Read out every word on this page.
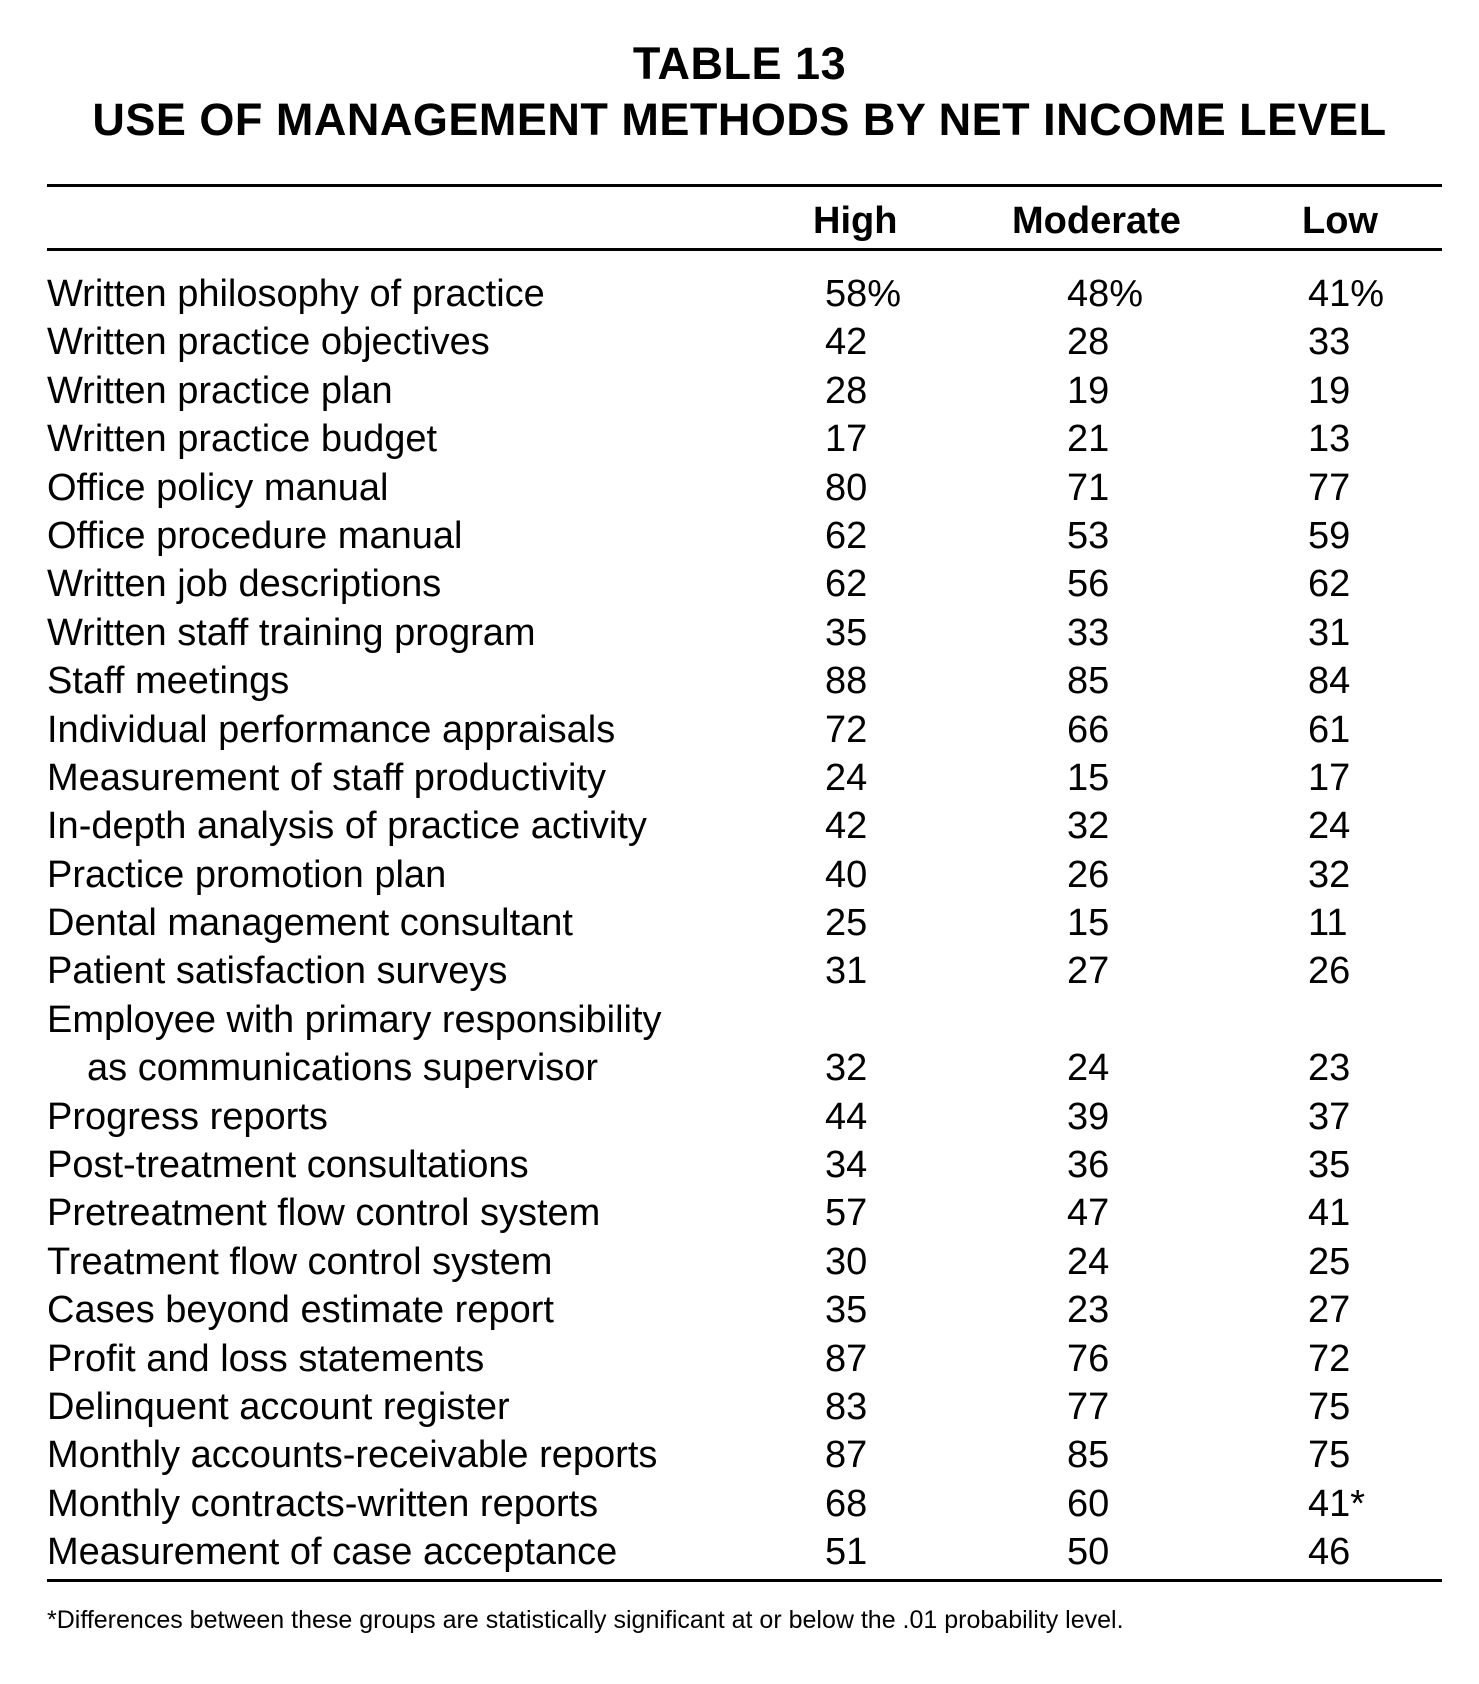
TABLE 13
USE OF MANAGEMENT METHODS BY NET INCOME LEVEL
High	Moderate	Low
Written philosophy of practice	58%	48%	41%
Written practice objectives	42	28	33
Written practice plan	28	19	19
Written practice budget	17	21	13
Office policy manual	80	71	77
Office procedure manual	62	53	59
Written job descriptions	62	56	62
Written staff training program	35	33	31
Staff meetings	88	85	84
Individual performance appraisals	72	66	61
Measurement of staff productivity	24	15	17
In-depth analysis of practice activity	42	32	24
Practice promotion plan	40	26	32
Dental management consultant	25	15	11
Patient satisfaction surveys	31	27	26
Employee with primary responsibility
as communications supervisor	32	24	23
Progress reports	44	39	37
Post-treatment consultations	34	36	35
Pretreatment flow control system	57	47	41
Treatment flow control system	30	24	25
Cases beyond estimate report	35	23	27
Profit and loss statements	87	76	72
Delinquent account register	83	77	75
Monthly accounts-receivable reports	87	85	75
Monthly contracts-written reports	68	60	41*
Measurement of case acceptance	51	50	46
*Differences between these groups are statistically significant at or below the .01 probability level.
